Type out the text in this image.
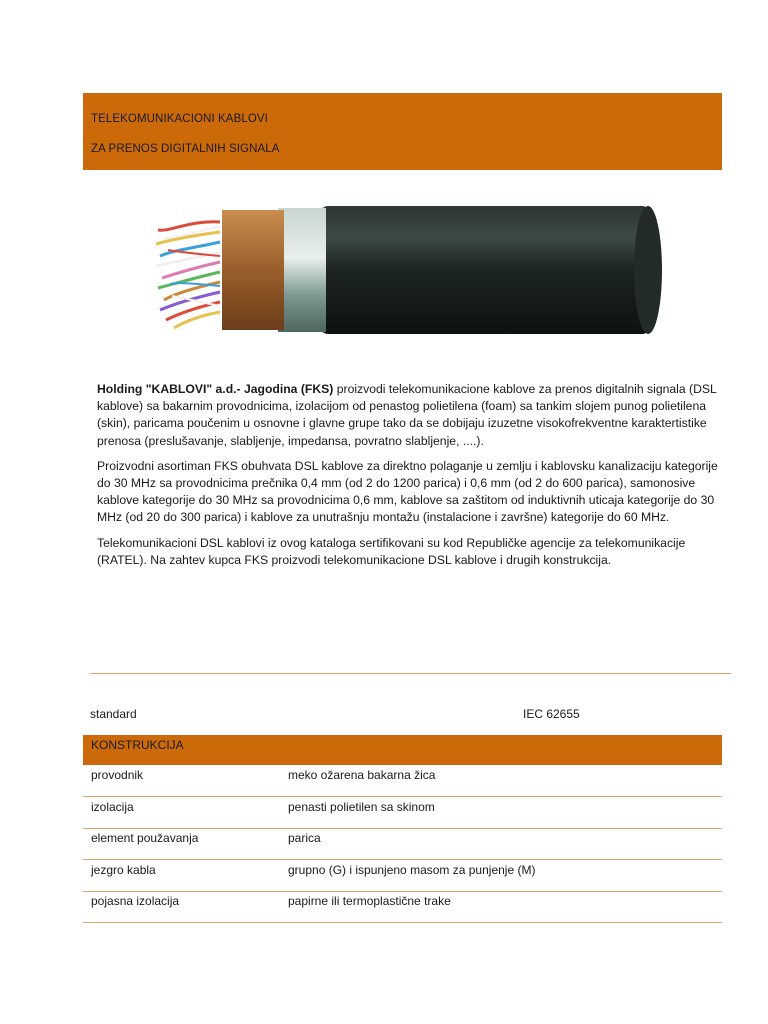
TELEKOMUNIKACIONI KABLOVI
ZA PRENOS DIGITALNIH SIGNALA

Holding "KABLOVI" a.d.- Jagodina (FKS) proizvodi telekomunikacione kablove za prenos digitalnih signala (DSL kablove) sa bakarnim provodnicima, izolacijom od penastog polietilena (foam) sa tankim slojem punog polietilena (skin), paricama poučenim u osnovne i glavne grupe tako da se dobijaju izuzetne visokofrekventne karaktertistike prenosa (preslušavanje, slabljenje, impedansa, povratno slabljenje, ....).

Proizvodni asortiman FKS obuhvata DSL kablove za direktno polaganje u zemlju i kablovsku kanalizaciju kategorije do 30 MHz sa provodnicima prečnika 0,4 mm (od 2 do 1200 parica) i 0,6 mm (od 2 do 600 parica), samonosive kablove kategorije do 30 MHz sa provodnicima 0,6 mm, kablove sa zaštitom od induktivnih uticaja kategorije do 30 MHz (od 20 do 300 parica) i kablove za unutrašnju montažu (instalacione i završne) kategorije do 60 MHz.

Telekomunikacioni DSL kablovi iz ovog kataloga sertifikovani su kod Republičke agencije za telekomunikacije (RATEL). Na zahtev kupca FKS proizvodi telekomunikacione DSL kablove i drugih konstrukcija.

standard	IEC 62655
KONSTRUKCIJA
provodnik	meko ožarena bakarna žica
izolacija	penasti polietilen sa skinom
element použavanja	parica
jezgro kabla	grupno (G) i ispunjeno masom za punjenje (M)
pojasna izolacija	papirne ili termoplastične trake
